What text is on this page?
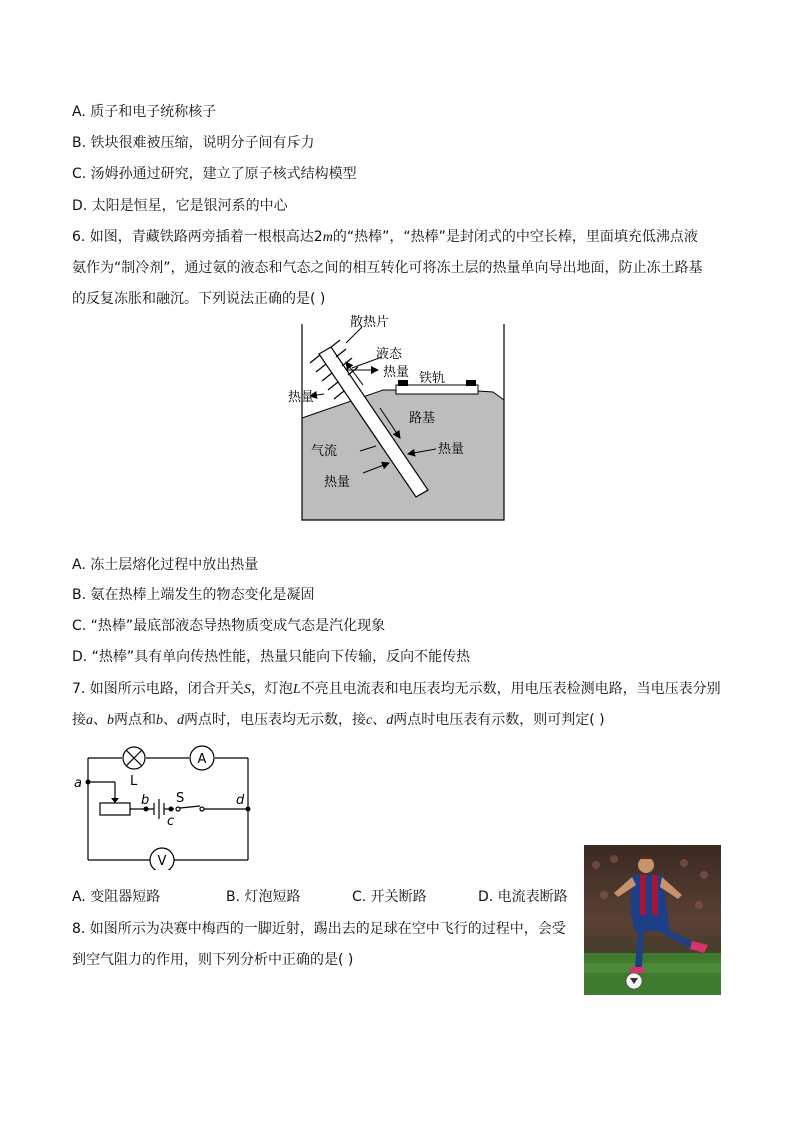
A. 质子和电子统称核子
B. 铁块很难被压缩，说明分子间有斥力
C. 汤姆孙通过研究，建立了原子核式结构模型
D. 太阳是恒星，它是银河系的中心
6. 如图，青藏铁路两旁插着一根根高达2m的“热棒”，“热棒”是封闭式的中空长棒，里面填充低沸点液
氨作为“制冷剂”，通过氨的液态和气态之间的相互转化可将冻土层的热量单向导出地面，防止冻土路基
的反复冻胀和融沉。下列说法正确的是( )
散热片
液态
热量
热量
铁轨
路基
气流	热量
热量
A. 冻土层熔化过程中放出热量
B. 氨在热棒上端发生的物态变化是凝固
C. “热棒”最底部液态导热物质变成气态是汽化现象
D. “热棒”具有单向传热性能，热量只能向下传输，反向不能传热
7. 如图所示电路，闭合开关S，灯泡L不亮且电流表和电压表均无示数，用电压表检测电路，当电压表分别
接a、b两点和b、d两点时，电压表均无示数，接c、d两点时电压表有示数，则可判定( )
A
V
a	L
b S
c
d
A. 变阻器短路	B. 灯泡短路	C. 开关断路	D. 电流表断路
8. 如图所示为决赛中梅西的一脚近射，踢出去的足球在空中飞行的过程中，会受
到空气阻力的作用，则下列分析中正确的是( )
